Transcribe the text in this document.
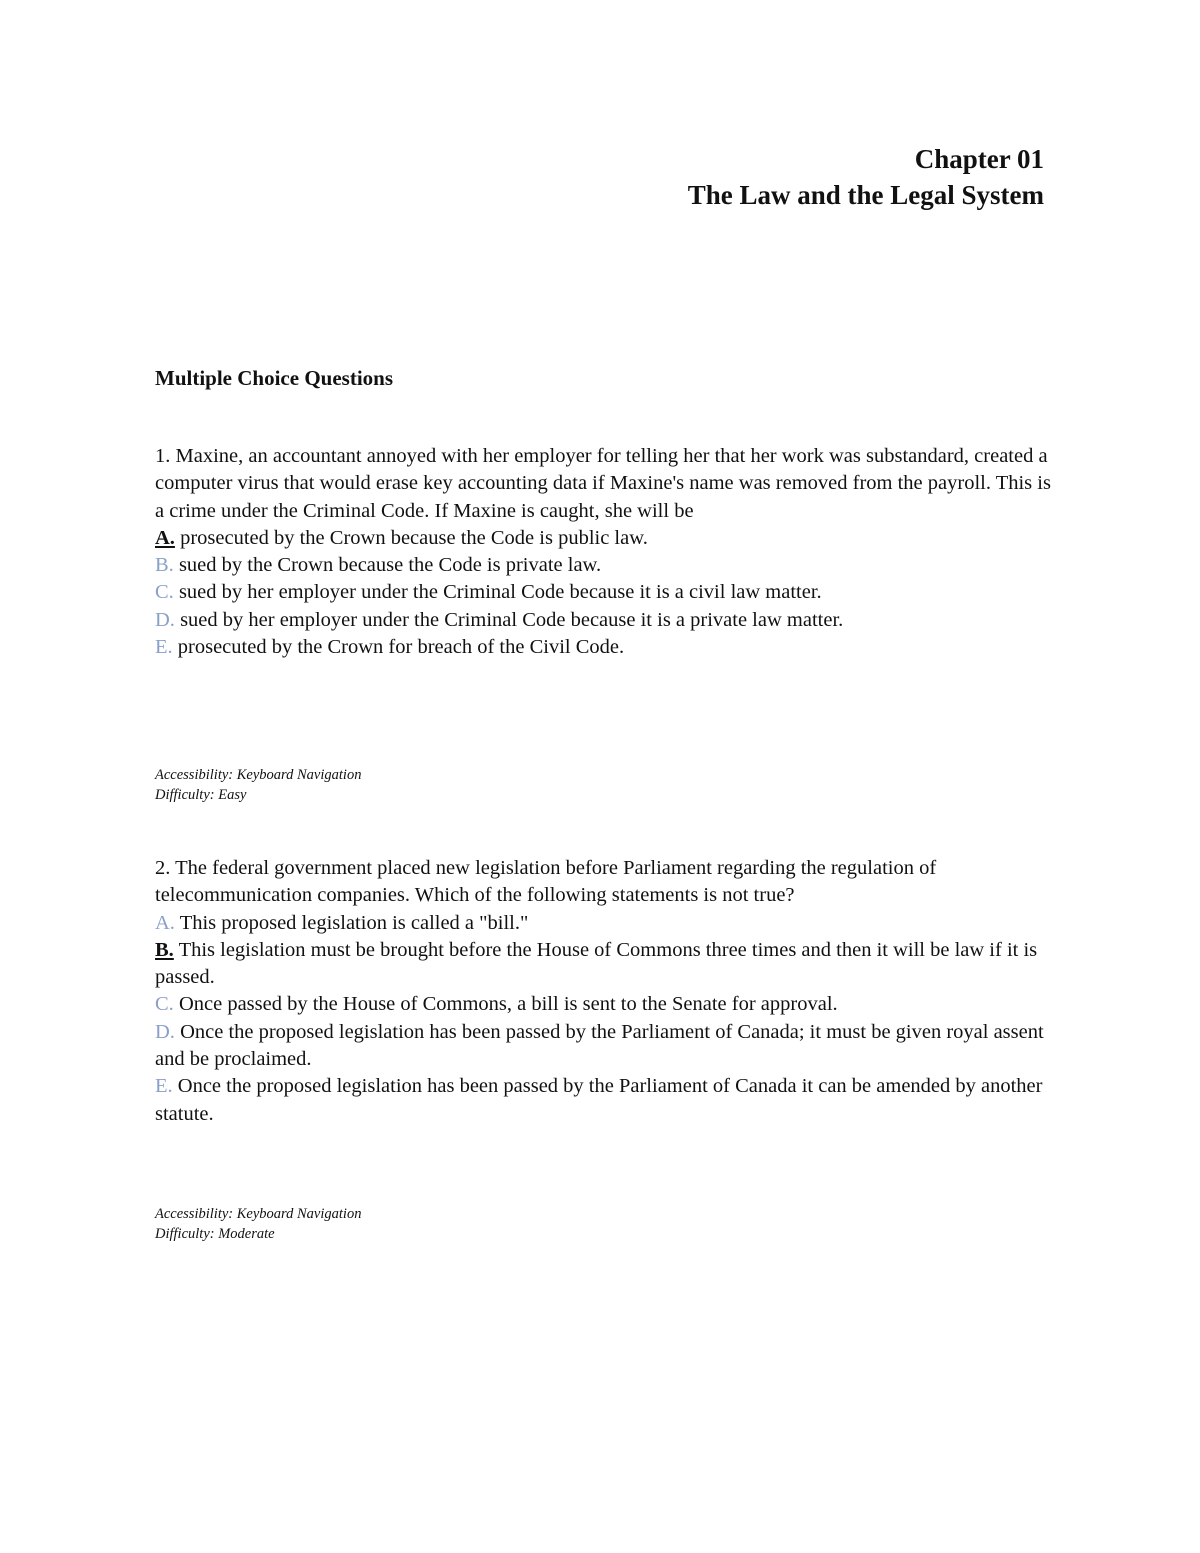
Chapter 01
The Law and the Legal System
Multiple Choice Questions
1. Maxine, an accountant annoyed with her employer for telling her that her work was substandard, created a computer virus that would erase key accounting data if Maxine's name was removed from the payroll. This is a crime under the Criminal Code. If Maxine is caught, she will be
A. prosecuted by the Crown because the Code is public law.
B. sued by the Crown because the Code is private law.
C. sued by her employer under the Criminal Code because it is a civil law matter.
D. sued by her employer under the Criminal Code because it is a private law matter.
E. prosecuted by the Crown for breach of the Civil Code.
Accessibility: Keyboard Navigation
Difficulty: Easy
2. The federal government placed new legislation before Parliament regarding the regulation of telecommunication companies. Which of the following statements is not true?
A. This proposed legislation is called a "bill."
B. This legislation must be brought before the House of Commons three times and then it will be law if it is passed.
C. Once passed by the House of Commons, a bill is sent to the Senate for approval.
D. Once the proposed legislation has been passed by the Parliament of Canada; it must be given royal assent and be proclaimed.
E. Once the proposed legislation has been passed by the Parliament of Canada it can be amended by another statute.
Accessibility: Keyboard Navigation
Difficulty: Moderate
